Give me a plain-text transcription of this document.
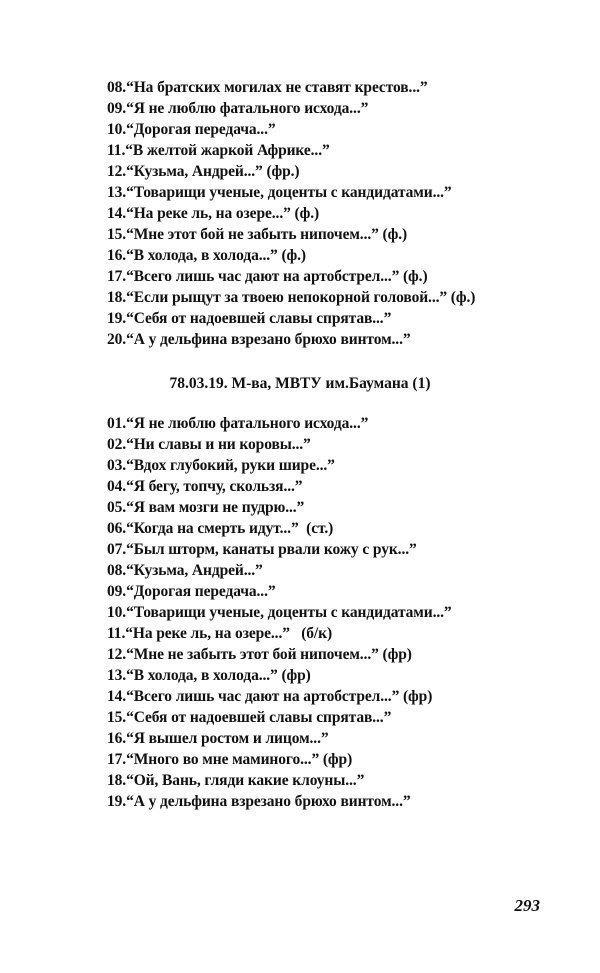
08.“На братских могилах не ставят крестов...”
09.“Я не люблю фатального исхода...”
10.“Дорогая передача...”
11.“В желтой жаркой Африке...”
12.“Кузьма, Андрей...” (фр.)
13.“Товарищи ученые, доценты с кандидатами...”
14.“На реке ль, на озере...” (ф.)
15.“Мне этот бой не забыть нипочем...” (ф.)
16.“В холода, в холода...” (ф.)
17.“Всего лишь час дают на артобстрел...” (ф.)
18.“Если рыщут за твоею непокорной головой...” (ф.)
19.“Себя от надоевшей славы спрятав...”
20.“А у дельфина взрезано брюхо винтом...”
78.03.19. М-ва, МВТУ им.Баумана (1)
01.“Я не люблю фатального исхода...”
02.“Ни славы и ни коровы...”
03.“Вдох глубокий, руки шире...”
04.“Я бегу, топчу, скользя...”
05.“Я вам мозги не пудрю...”
06.“Когда на смерть идут...”  (ст.)
07.“Был шторм, канаты рвали кожу с рук...”
08.“Кузьма, Андрей...”
09.“Дорогая передача...”
10.“Товарищи ученые, доценты с кандидатами...”
11.“На реке ль, на озере...”   (б/к)
12.“Мне не забыть этот бой нипочем...” (фр)
13.“В холода, в холода...” (фр)
14.“Всего лишь час дают на артобстрел...” (фр)
15.“Себя от надоевшей славы спрятав...”
16.“Я вышел ростом и лицом...”
17.“Много во мне маминого...” (фр)
18.“Ой, Вань, гляди какие клоуны...”
19.“А у дельфина взрезано брюхо винтом...”
293
